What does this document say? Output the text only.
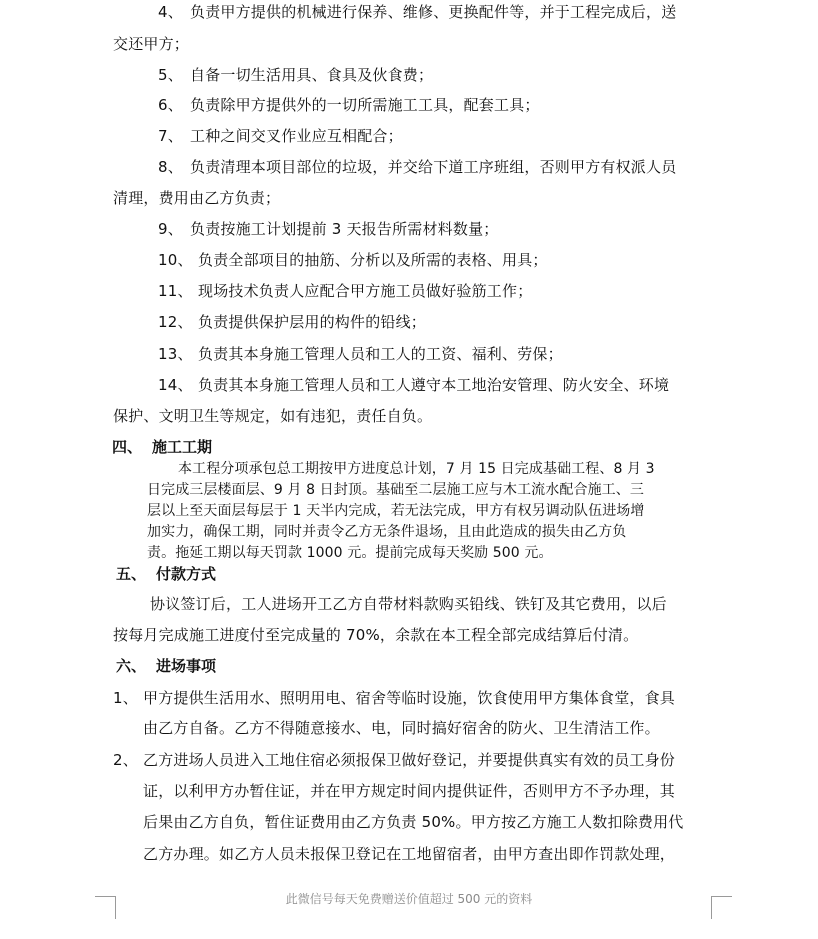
4、 负责甲方提供的机械进行保养、维修、更换配件等，并于工程完成后，送
交还甲方；
5、 自备一切生活用具、食具及伙食费；
6、 负责除甲方提供外的一切所需施工工具，配套工具；
7、 工种之间交叉作业应互相配合；
8、 负责清理本项目部位的垃圾，并交给下道工序班组，否则甲方有权派人员
清理，费用由乙方负责；
9、 负责按施工计划提前 3 天报告所需材料数量；
10、 负责全部项目的抽筋、分析以及所需的表格、用具；
11、 现场技术负责人应配合甲方施工员做好验筋工作；
12、 负责提供保护层用的构件的铅线；
13、 负责其本身施工管理人员和工人的工资、福利、劳保；
14、 负责其本身施工管理人员和工人遵守本工地治安管理、防火安全、环境
保护、文明卫生等规定，如有违犯，责任自负。
四、 施工工期
本工程分项承包总工期按甲方进度总计划，7 月 15 日完成基础工程、8 月 3
日完成三层楼面层、9 月 8 日封顶。基础至二层施工应与木工流水配合施工、三
层以上至天面层每层于 1 天半内完成，若无法完成，甲方有权另调动队伍进场增
加实力，确保工期，同时并责令乙方无条件退场，且由此造成的损失由乙方负
责。拖延工期以每天罚款 1000 元。提前完成每天奖励 500 元。
五、 付款方式
协议签订后，工人进场开工乙方自带材料款购买铅线、铁钉及其它费用，以后
按每月完成施工进度付至完成量的 70%，余款在本工程全部完成结算后付清。
六、 进场事项
1、 甲方提供生活用水、照明用电、宿舍等临时设施，饮食使用甲方集体食堂，食具
由乙方自备。乙方不得随意接水、电，同时搞好宿舍的防火、卫生清洁工作。
2、 乙方进场人员进入工地住宿必须报保卫做好登记，并要提供真实有效的员工身份
证，以利甲方办暂住证，并在甲方规定时间内提供证件，否则甲方不予办理，其
后果由乙方自负，暂住证费用由乙方负责 50%。甲方按乙方施工人数扣除费用代
乙方办理。如乙方人员未报保卫登记在工地留宿者，由甲方查出即作罚款处理，
此微信号每天免费赠送价值超过 500 元的资料
